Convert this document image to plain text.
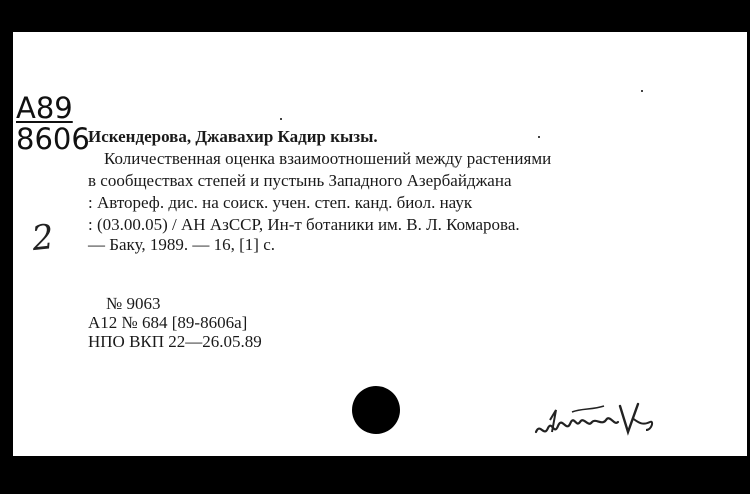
А89
8606
2
Искендерова, Джавахир Кадир кызы.
Количественная оценка взаимоотношений между растениями
в сообществах степей и пустынь Западного Азербайджана
: Автореф. дис. на соиск. учен. степ. канд. биол. наук
: (03.00.05) / АН АзССР, Ин-т ботаники им. В. Л. Комарова.
— Баку, 1989. — 16, [1] с.
№ 9063
А12 № 684 [89-8606а]
НПО ВКП 22—26.05.89
